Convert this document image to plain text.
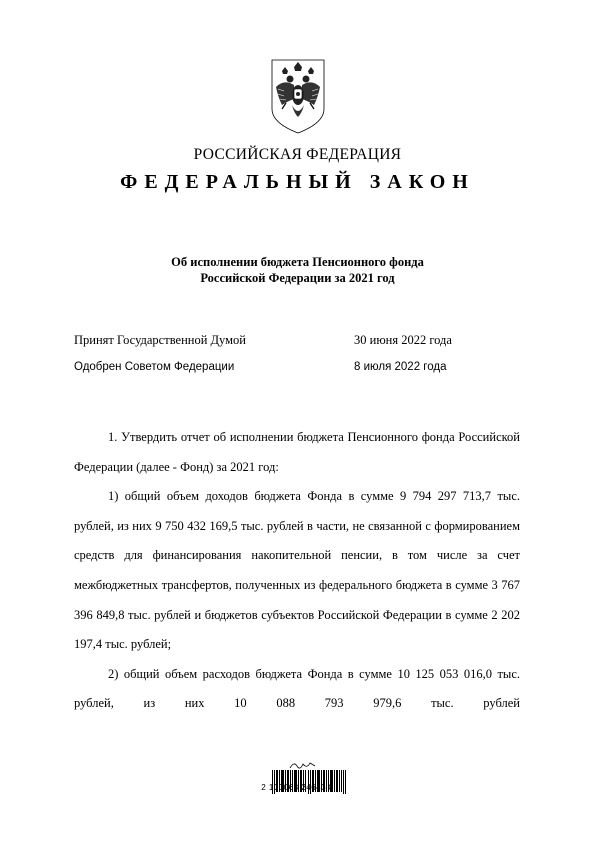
РОССИЙСКАЯ ФЕДЕРАЦИЯ
ФЕДЕРАЛЬНЫЙ ЗАКОН
Об исполнении бюджета Пенсионного фонда
Российской Федерации за 2021 год
Принят Государственной Думой	30 июня 2022 года
Одобрен Советом Федерации	8 июля 2022 года

1. Утвердить отчет об исполнении бюджета Пенсионного фонда Российской Федерации (далее - Фонд) за 2021 год:

1) общий объем доходов бюджета Фонда в сумме 9 794 297 713,7 тыс. рублей, из них 9 750 432 169,5 тыс. рублей в части, не связанной с формированием средств для финансирования накопительной пенсии, в том числе за счет межбюджетных трансфертов, полученных из федерального бюджета в сумме 3 767 396 849,8 тыс. рублей и бюджетов субъектов Российской Федерации в сумме 2 202 197,4 тыс. рублей;

2) общий объем расходов бюджета Фонда в сумме 10 125 053 016,0 тыс. рублей, из них 10 088 793 979,6 тыс. рублей

2 100068 24643 8
